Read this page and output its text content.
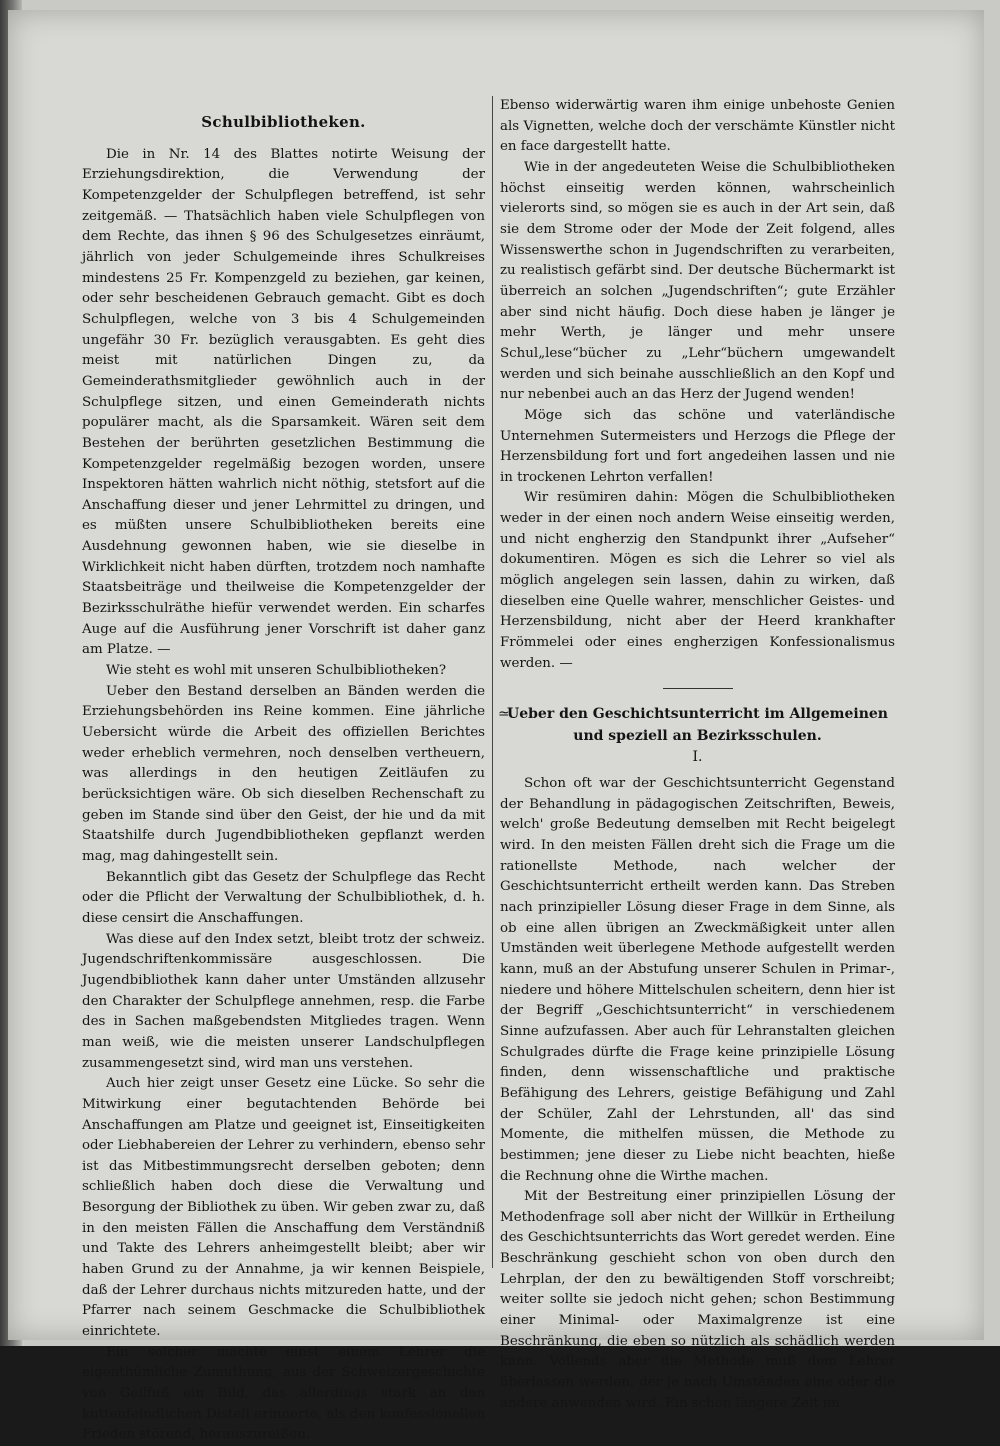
Schulbibliotheken.

Die in Nr. 14 des Blattes notirte Weisung der Erziehungsdirektion, die Verwendung der Kompetenzgelder der Schulpflegen betreffend, ist sehr zeitgemäß. — Thatsächlich haben viele Schulpflegen von dem Rechte, das ihnen § 96 des Schulgesetzes einräumt, jährlich von jeder Schulgemeinde ihres Schulkreises mindestens 25 Fr. Kompenzgeld zu beziehen, gar keinen, oder sehr bescheidenen Gebrauch gemacht. Gibt es doch Schulpflegen, welche von 3 bis 4 Schulgemeinden ungefähr 30 Fr. bezüglich verausgabten. Es geht dies meist mit natürlichen Dingen zu, da Gemeinderathsmitglieder gewöhnlich auch in der Schulpflege sitzen, und einen Gemeinderath nichts populärer macht, als die Sparsamkeit. Wären seit dem Bestehen der berührten gesetzlichen Bestimmung die Kompetenzgelder regelmäßig bezogen worden, unsere Inspektoren hätten wahrlich nicht nöthig, stetsfort auf die Anschaffung dieser und jener Lehrmittel zu dringen, und es müßten unsere Schulbibliotheken bereits eine Ausdehnung gewonnen haben, wie sie dieselbe in Wirklichkeit nicht haben dürften, trotzdem noch namhafte Staatsbeiträge und theilweise die Kompetenzgelder der Bezirksschulräthe hiefür verwendet werden. Ein scharfes Auge auf die Ausführung jener Vorschrift ist daher ganz am Platze. —

Wie steht es wohl mit unseren Schulbibliotheken?

Ueber den Bestand derselben an Bänden werden die Erziehungsbehörden ins Reine kommen. Eine jährliche Uebersicht würde die Arbeit des offiziellen Berichtes weder erheblich vermehren, noch denselben vertheuern, was allerdings in den heutigen Zeitläufen zu berücksichtigen wäre. Ob sich dieselben Rechenschaft zu geben im Stande sind über den Geist, der hie und da mit Staatshilfe durch Jugendbibliotheken gepflanzt werden mag, mag dahingestellt sein.

Bekanntlich gibt das Gesetz der Schulpflege das Recht oder die Pflicht der Verwaltung der Schulbibliothek, d. h. diese censirt die Anschaffungen.

Was diese auf den Index setzt, bleibt trotz der schweiz. Jugendschriftenkommissäre ausgeschlossen. Die Jugendbibliothek kann daher unter Umständen allzusehr den Charakter der Schulpflege annehmen, resp. die Farbe des in Sachen maßgebendsten Mitgliedes tragen. Wenn man weiß, wie die meisten unserer Landschulpflegen zusammengesetzt sind, wird man uns verstehen.

Auch hier zeigt unser Gesetz eine Lücke. So sehr die Mitwirkung einer begutachtenden Behörde bei Anschaffungen am Platze und geeignet ist, Einseitigkeiten oder Liebhabereien der Lehrer zu verhindern, ebenso sehr ist das Mitbestimmungsrecht derselben geboten; denn schließlich haben doch diese die Verwaltung und Besorgung der Bibliothek zu üben. Wir geben zwar zu, daß in den meisten Fällen die Anschaffung dem Verständniß und Takte des Lehrers anheimgestellt bleibt; aber wir haben Grund zu der Annahme, ja wir kennen Beispiele, daß der Lehrer durchaus nichts mitzureden hatte, und der Pfarrer nach seinem Geschmacke die Schulbibliothek einrichtete.

Ein solcher machte einst einem Lehrer die eigenthümliche Zumuthung, aus der Schweizergeschichte von Geilfuß ein Bild, das allerdings stark an den kuttenfeindlichen Disteli erinnerte, als den konfessionellen Frieden störend, herauszureißen.

Ebenso widerwärtig waren ihm einige unbehoste Genien als Vignetten, welche doch der verschämte Künstler nicht en face dargestellt hatte.

Wie in der angedeuteten Weise die Schulbibliotheken höchst einseitig werden können, wahrscheinlich vielerorts sind, so mögen sie es auch in der Art sein, daß sie dem Strome oder der Mode der Zeit folgend, alles Wissenswerthe schon in Jugendschriften zu verarbeiten, zu realistisch gefärbt sind. Der deutsche Büchermarkt ist überreich an solchen „Jugendschriften“; gute Erzähler aber sind nicht häufig. Doch diese haben je länger je mehr Werth, je länger und mehr unsere Schul„lese“bücher zu „Lehr“büchern umgewandelt werden und sich beinahe ausschließlich an den Kopf und nur nebenbei auch an das Herz der Jugend wenden!

Möge sich das schöne und vaterländische Unternehmen Sutermeisters und Herzogs die Pflege der Herzensbildung fort und fort angedeihen lassen und nie in trockenen Lehrton verfallen!

Wir resümiren dahin: Mögen die Schulbibliotheken weder in der einen noch andern Weise einseitig werden, und nicht engherzig den Standpunkt ihrer „Aufseher“ dokumentiren. Mögen es sich die Lehrer so viel als möglich angelegen sein lassen, dahin zu wirken, daß dieselben eine Quelle wahrer, menschlicher Geistes- und Herzensbildung, nicht aber der Heerd krankhafter Frömmelei oder eines engherzigen Konfessionalismus werden. —

≃
Ueber den Geschichtsunterricht im Allgemeinen
und speziell an Bezirksschulen.
I.

Schon oft war der Geschichtsunterricht Gegenstand der Behandlung in pädagogischen Zeitschriften, Beweis, welch' große Bedeutung demselben mit Recht beigelegt wird. In den meisten Fällen dreht sich die Frage um die rationellste Methode, nach welcher der Geschichtsunterricht ertheilt werden kann. Das Streben nach prinzipieller Lösung dieser Frage in dem Sinne, als ob eine allen übrigen an Zweckmäßigkeit unter allen Umständen weit überlegene Methode aufgestellt werden kann, muß an der Abstufung unserer Schulen in Primar-, niedere und höhere Mittelschulen scheitern, denn hier ist der Begriff „Geschichtsunterricht“ in verschiedenem Sinne aufzufassen. Aber auch für Lehranstalten gleichen Schulgrades dürfte die Frage keine prinzipielle Lösung finden, denn wissenschaftliche und praktische Befähigung des Lehrers, geistige Befähigung und Zahl der Schüler, Zahl der Lehrstunden, all' das sind Momente, die mithelfen müssen, die Methode zu bestimmen; jene dieser zu Liebe nicht beachten, hieße die Rechnung ohne die Wirthe machen.

Mit der Bestreitung einer prinzipiellen Lösung der Methodenfrage soll aber nicht der Willkür in Ertheilung des Geschichtsunterrichts das Wort geredet werden. Eine Beschränkung geschieht schon von oben durch den Lehrplan, der den zu bewältigenden Stoff vorschreibt; weiter sollte sie jedoch nicht gehen; schon Bestimmung einer Minimal- oder Maximalgrenze ist eine Beschränkung, die eben so nützlich als schädlich werden kann. Vollends aber die Methode muß dem Lehrer überlassen werden, der je nach Umständen eine oder die andere anwenden wird. Ein schon längere Zeit im
